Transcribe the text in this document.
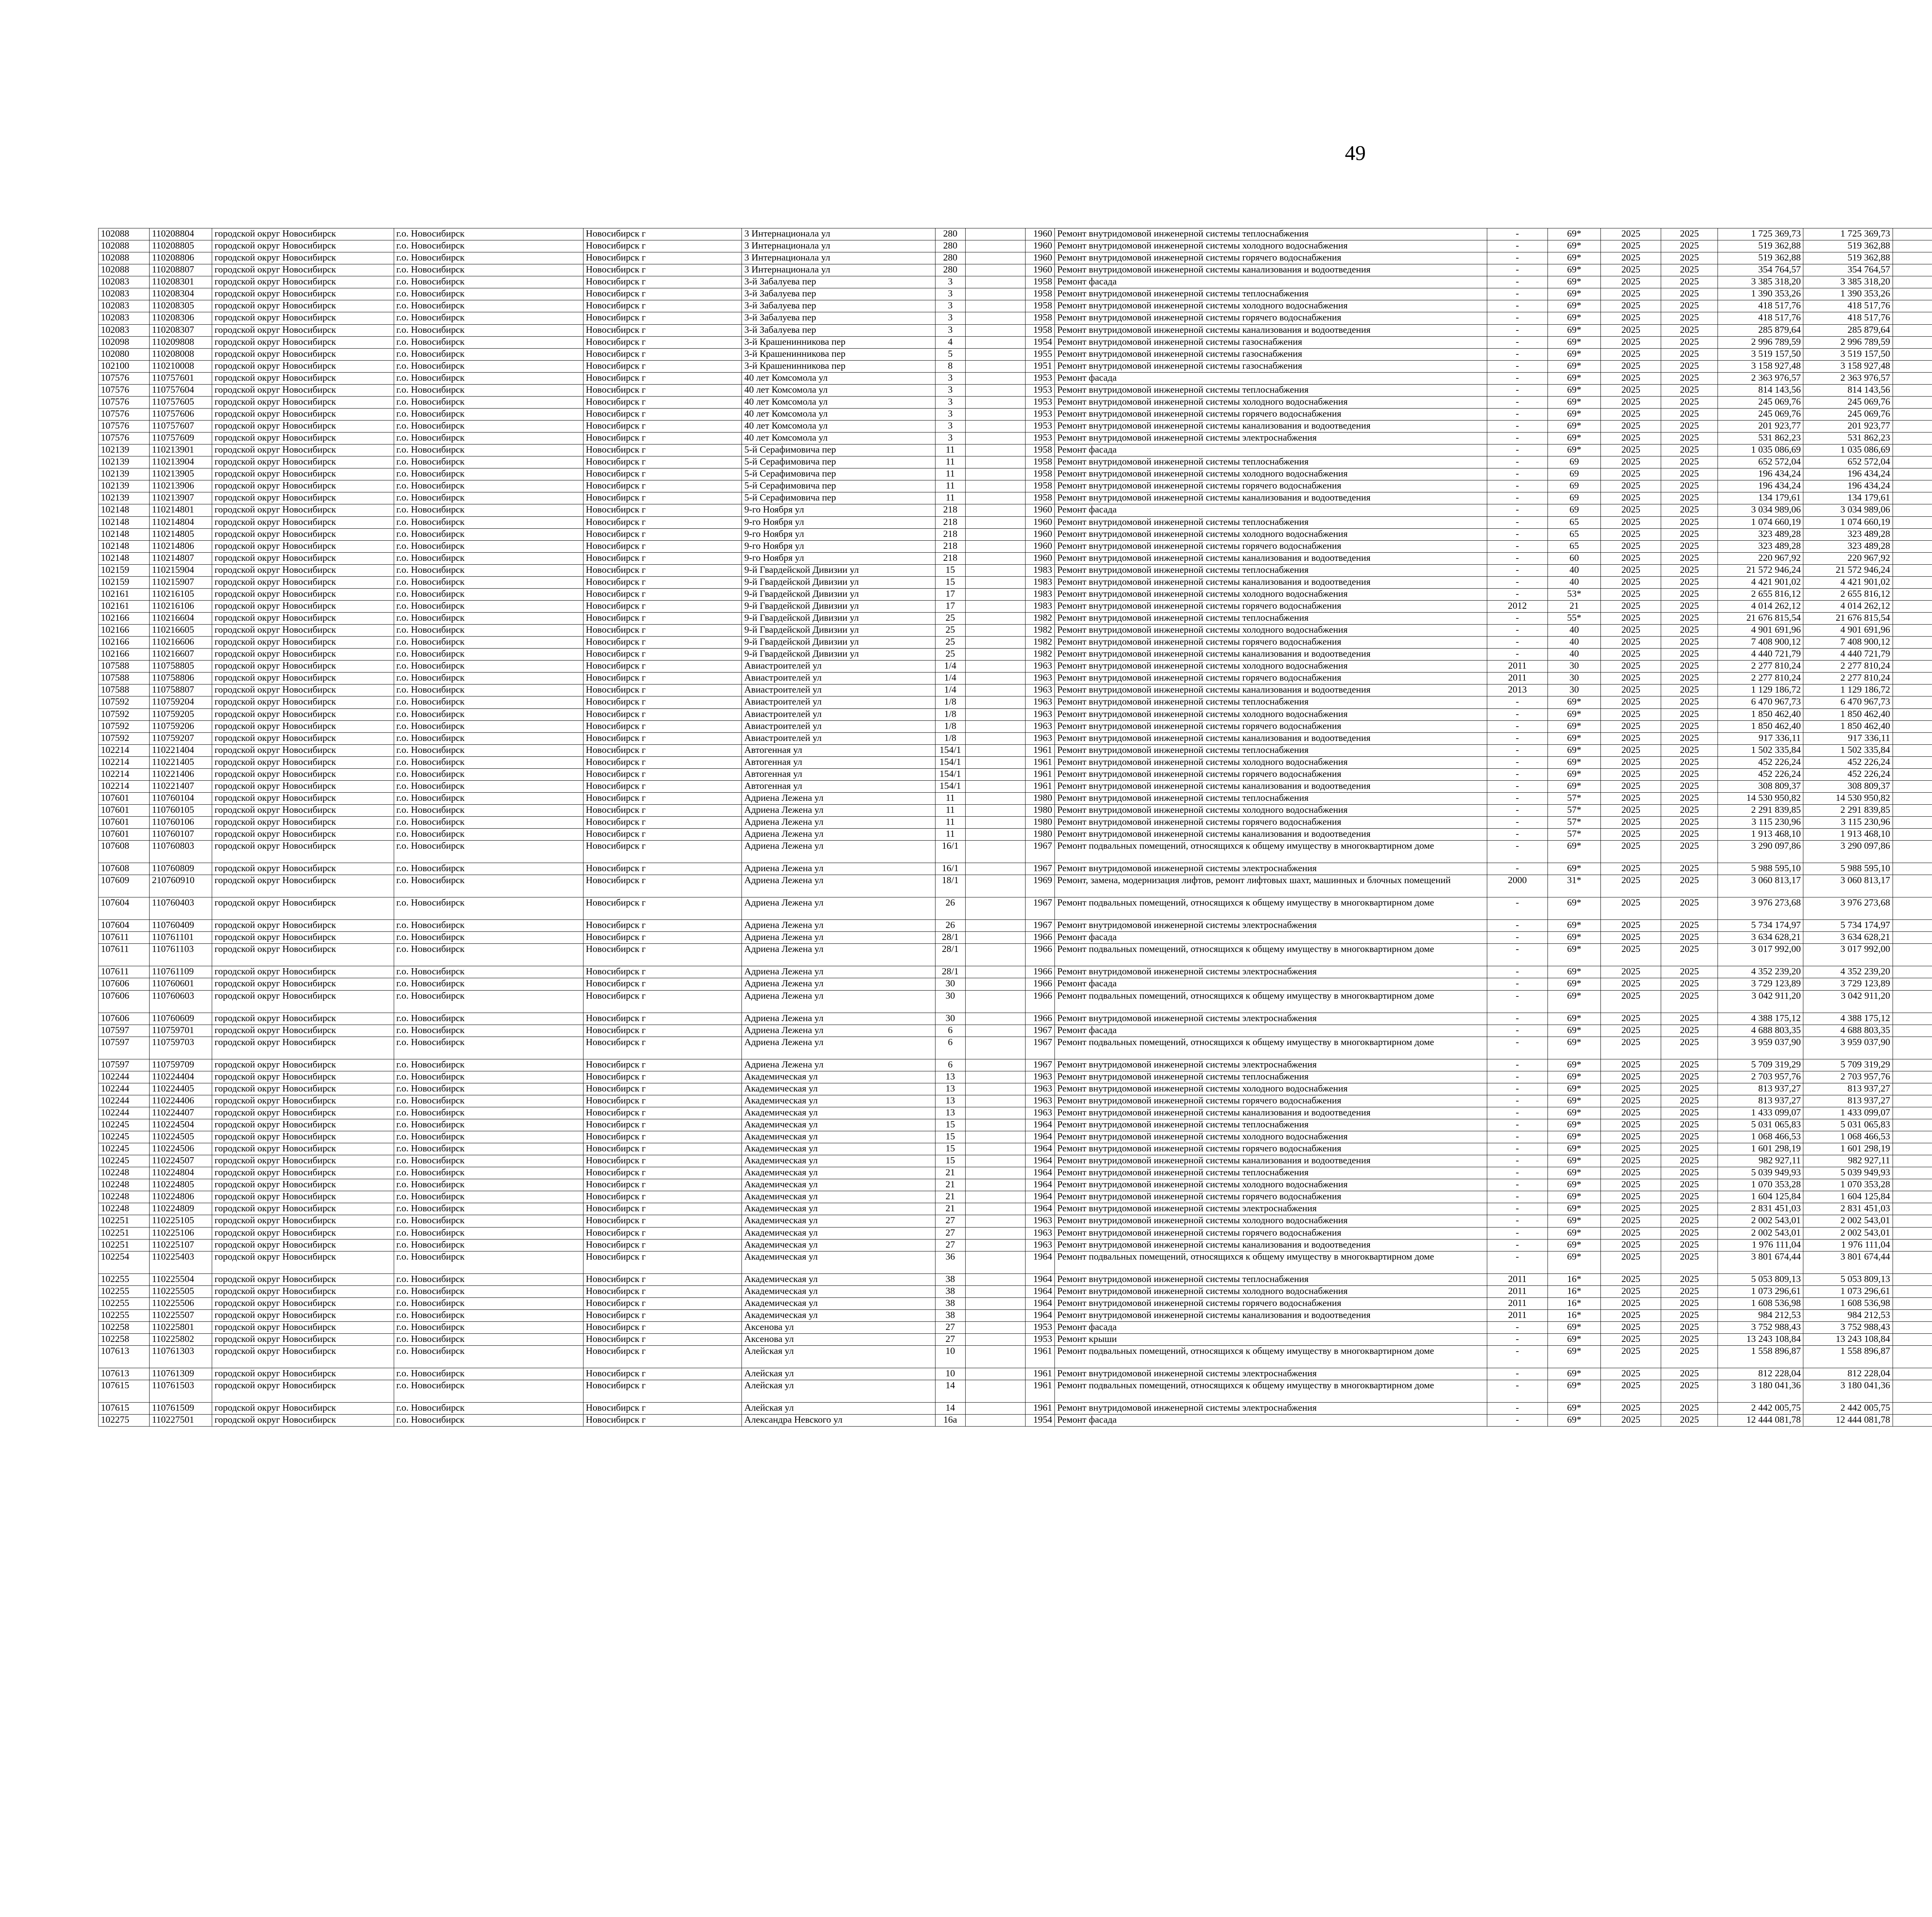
49
102088	110208804	городской округ Новосибирск	г.о. Новосибирск	Новосибирск г	3 Интернационала ул	280		1960	Ремонт внутридомовой инженерной системы теплоснабжения	-	69*	2025	2025	1 725 369,73	1 725 369,73					
102088	110208805	городской округ Новосибирск	г.о. Новосибирск	Новосибирск г	3 Интернационала ул	280		1960	Ремонт внутридомовой инженерной системы холодного водоснабжения	-	69*	2025	2025	519 362,88	519 362,88					
102088	110208806	городской округ Новосибирск	г.о. Новосибирск	Новосибирск г	3 Интернационала ул	280		1960	Ремонт внутридомовой инженерной системы горячего водоснабжения	-	69*	2025	2025	519 362,88	519 362,88					
102088	110208807	городской округ Новосибирск	г.о. Новосибирск	Новосибирск г	3 Интернационала ул	280		1960	Ремонт внутридомовой инженерной системы канализования и водоотведения	-	69*	2025	2025	354 764,57	354 764,57					
102083	110208301	городской округ Новосибирск	г.о. Новосибирск	Новосибирск г	3-й Забалуева пер	3		1958	Ремонт фасада	-	69*	2025	2025	3 385 318,20	3 385 318,20					
102083	110208304	городской округ Новосибирск	г.о. Новосибирск	Новосибирск г	3-й Забалуева пер	3		1958	Ремонт внутридомовой инженерной системы теплоснабжения	-	69*	2025	2025	1 390 353,26	1 390 353,26					
102083	110208305	городской округ Новосибирск	г.о. Новосибирск	Новосибирск г	3-й Забалуева пер	3		1958	Ремонт внутридомовой инженерной системы холодного водоснабжения	-	69*	2025	2025	418 517,76	418 517,76					
102083	110208306	городской округ Новосибирск	г.о. Новосибирск	Новосибирск г	3-й Забалуева пер	3		1958	Ремонт внутридомовой инженерной системы горячего водоснабжения	-	69*	2025	2025	418 517,76	418 517,76					
102083	110208307	городской округ Новосибирск	г.о. Новосибирск	Новосибирск г	3-й Забалуева пер	3		1958	Ремонт внутридомовой инженерной системы канализования и водоотведения	-	69*	2025	2025	285 879,64	285 879,64					
102098	110209808	городской округ Новосибирск	г.о. Новосибирск	Новосибирск г	3-й Крашенинникова пер	4		1954	Ремонт внутридомовой инженерной системы газоснабжения	-	69*	2025	2025	2 996 789,59	2 996 789,59					
102080	110208008	городской округ Новосибирск	г.о. Новосибирск	Новосибирск г	3-й Крашенинникова пер	5		1955	Ремонт внутридомовой инженерной системы газоснабжения	-	69*	2025	2025	3 519 157,50	3 519 157,50					
102100	110210008	городской округ Новосибирск	г.о. Новосибирск	Новосибирск г	3-й Крашенинникова пер	8		1951	Ремонт внутридомовой инженерной системы газоснабжения	-	69*	2025	2025	3 158 927,48	3 158 927,48					
107576	110757601	городской округ Новосибирск	г.о. Новосибирск	Новосибирск г	40 лет Комсомола ул	3		1953	Ремонт фасада	-	69*	2025	2025	2 363 976,57	2 363 976,57					
107576	110757604	городской округ Новосибирск	г.о. Новосибирск	Новосибирск г	40 лет Комсомола ул	3		1953	Ремонт внутридомовой инженерной системы теплоснабжения	-	69*	2025	2025	814 143,56	814 143,56					
107576	110757605	городской округ Новосибирск	г.о. Новосибирск	Новосибирск г	40 лет Комсомола ул	3		1953	Ремонт внутридомовой инженерной системы холодного водоснабжения	-	69*	2025	2025	245 069,76	245 069,76					
107576	110757606	городской округ Новосибирск	г.о. Новосибирск	Новосибирск г	40 лет Комсомола ул	3		1953	Ремонт внутридомовой инженерной системы горячего водоснабжения	-	69*	2025	2025	245 069,76	245 069,76					
107576	110757607	городской округ Новосибирск	г.о. Новосибирск	Новосибирск г	40 лет Комсомола ул	3		1953	Ремонт внутридомовой инженерной системы канализования и водоотведения	-	69*	2025	2025	201 923,77	201 923,77					
107576	110757609	городской округ Новосибирск	г.о. Новосибирск	Новосибирск г	40 лет Комсомола ул	3		1953	Ремонт внутридомовой инженерной системы электроснабжения	-	69*	2025	2025	531 862,23	531 862,23					
102139	110213901	городской округ Новосибирск	г.о. Новосибирск	Новосибирск г	5-й Серафимовича пер	11		1958	Ремонт фасада	-	69*	2025	2025	1 035 086,69	1 035 086,69					
102139	110213904	городской округ Новосибирск	г.о. Новосибирск	Новосибирск г	5-й Серафимовича пер	11		1958	Ремонт внутридомовой инженерной системы теплоснабжения	-	69	2025	2025	652 572,04	652 572,04					
102139	110213905	городской округ Новосибирск	г.о. Новосибирск	Новосибирск г	5-й Серафимовича пер	11		1958	Ремонт внутридомовой инженерной системы холодного водоснабжения	-	69	2025	2025	196 434,24	196 434,24					
102139	110213906	городской округ Новосибирск	г.о. Новосибирск	Новосибирск г	5-й Серафимовича пер	11		1958	Ремонт внутридомовой инженерной системы горячего водоснабжения	-	69	2025	2025	196 434,24	196 434,24					
102139	110213907	городской округ Новосибирск	г.о. Новосибирск	Новосибирск г	5-й Серафимовича пер	11		1958	Ремонт внутридомовой инженерной системы канализования и водоотведения	-	69	2025	2025	134 179,61	134 179,61					
102148	110214801	городской округ Новосибирск	г.о. Новосибирск	Новосибирск г	9-го Ноября ул	218		1960	Ремонт фасада	-	69	2025	2025	3 034 989,06	3 034 989,06					
102148	110214804	городской округ Новосибирск	г.о. Новосибирск	Новосибирск г	9-го Ноября ул	218		1960	Ремонт внутридомовой инженерной системы теплоснабжения	-	65	2025	2025	1 074 660,19	1 074 660,19					
102148	110214805	городской округ Новосибирск	г.о. Новосибирск	Новосибирск г	9-го Ноября ул	218		1960	Ремонт внутридомовой инженерной системы холодного водоснабжения	-	65	2025	2025	323 489,28	323 489,28					
102148	110214806	городской округ Новосибирск	г.о. Новосибирск	Новосибирск г	9-го Ноября ул	218		1960	Ремонт внутридомовой инженерной системы горячего водоснабжения	-	65	2025	2025	323 489,28	323 489,28					
102148	110214807	городской округ Новосибирск	г.о. Новосибирск	Новосибирск г	9-го Ноября ул	218		1960	Ремонт внутридомовой инженерной системы канализования и водоотведения	-	60	2025	2025	220 967,92	220 967,92					
102159	110215904	городской округ Новосибирск	г.о. Новосибирск	Новосибирск г	9-й Гвардейской Дивизии ул	15		1983	Ремонт внутридомовой инженерной системы теплоснабжения	-	40	2025	2025	21 572 946,24	21 572 946,24					
102159	110215907	городской округ Новосибирск	г.о. Новосибирск	Новосибирск г	9-й Гвардейской Дивизии ул	15		1983	Ремонт внутридомовой инженерной системы канализования и водоотведения	-	40	2025	2025	4 421 901,02	4 421 901,02					
102161	110216105	городской округ Новосибирск	г.о. Новосибирск	Новосибирск г	9-й Гвардейской Дивизии ул	17		1983	Ремонт внутридомовой инженерной системы холодного водоснабжения	-	53*	2025	2025	2 655 816,12	2 655 816,12					
102161	110216106	городской округ Новосибирск	г.о. Новосибирск	Новосибирск г	9-й Гвардейской Дивизии ул	17		1983	Ремонт внутридомовой инженерной системы горячего водоснабжения	2012	21	2025	2025	4 014 262,12	4 014 262,12					
102166	110216604	городской округ Новосибирск	г.о. Новосибирск	Новосибирск г	9-й Гвардейской Дивизии ул	25		1982	Ремонт внутридомовой инженерной системы теплоснабжения	-	55*	2025	2025	21 676 815,54	21 676 815,54					
102166	110216605	городской округ Новосибирск	г.о. Новосибирск	Новосибирск г	9-й Гвардейской Дивизии ул	25		1982	Ремонт внутридомовой инженерной системы холодного водоснабжения	-	40	2025	2025	4 901 691,96	4 901 691,96					
102166	110216606	городской округ Новосибирск	г.о. Новосибирск	Новосибирск г	9-й Гвардейской Дивизии ул	25		1982	Ремонт внутридомовой инженерной системы горячего водоснабжения	-	40	2025	2025	7 408 900,12	7 408 900,12					
102166	110216607	городской округ Новосибирск	г.о. Новосибирск	Новосибирск г	9-й Гвардейской Дивизии ул	25		1982	Ремонт внутридомовой инженерной системы канализования и водоотведения	-	40	2025	2025	4 440 721,79	4 440 721,79					
107588	110758805	городской округ Новосибирск	г.о. Новосибирск	Новосибирск г	Авиастроителей ул	1/4		1963	Ремонт внутридомовой инженерной системы холодного водоснабжения	2011	30	2025	2025	2 277 810,24	2 277 810,24					
107588	110758806	городской округ Новосибирск	г.о. Новосибирск	Новосибирск г	Авиастроителей ул	1/4		1963	Ремонт внутридомовой инженерной системы горячего водоснабжения	2011	30	2025	2025	2 277 810,24	2 277 810,24					
107588	110758807	городской округ Новосибирск	г.о. Новосибирск	Новосибирск г	Авиастроителей ул	1/4		1963	Ремонт внутридомовой инженерной системы канализования и водоотведения	2013	30	2025	2025	1 129 186,72	1 129 186,72					
107592	110759204	городской округ Новосибирск	г.о. Новосибирск	Новосибирск г	Авиастроителей ул	1/8		1963	Ремонт внутридомовой инженерной системы теплоснабжения	-	69*	2025	2025	6 470 967,73	6 470 967,73					
107592	110759205	городской округ Новосибирск	г.о. Новосибирск	Новосибирск г	Авиастроителей ул	1/8		1963	Ремонт внутридомовой инженерной системы холодного водоснабжения	-	69*	2025	2025	1 850 462,40	1 850 462,40					
107592	110759206	городской округ Новосибирск	г.о. Новосибирск	Новосибирск г	Авиастроителей ул	1/8		1963	Ремонт внутридомовой инженерной системы горячего водоснабжения	-	69*	2025	2025	1 850 462,40	1 850 462,40					
107592	110759207	городской округ Новосибирск	г.о. Новосибирск	Новосибирск г	Авиастроителей ул	1/8		1963	Ремонт внутридомовой инженерной системы канализования и водоотведения	-	69*	2025	2025	917 336,11	917 336,11					
102214	110221404	городской округ Новосибирск	г.о. Новосибирск	Новосибирск г	Автогенная ул	154/1		1961	Ремонт внутридомовой инженерной системы теплоснабжения	-	69*	2025	2025	1 502 335,84	1 502 335,84					
102214	110221405	городской округ Новосибирск	г.о. Новосибирск	Новосибирск г	Автогенная ул	154/1		1961	Ремонт внутридомовой инженерной системы холодного водоснабжения	-	69*	2025	2025	452 226,24	452 226,24					
102214	110221406	городской округ Новосибирск	г.о. Новосибирск	Новосибирск г	Автогенная ул	154/1		1961	Ремонт внутридомовой инженерной системы горячего водоснабжения	-	69*	2025	2025	452 226,24	452 226,24					
102214	110221407	городской округ Новосибирск	г.о. Новосибирск	Новосибирск г	Автогенная ул	154/1		1961	Ремонт внутридомовой инженерной системы канализования и водоотведения	-	69*	2025	2025	308 809,37	308 809,37					
107601	110760104	городской округ Новосибирск	г.о. Новосибирск	Новосибирск г	Адриена Лежена ул	11		1980	Ремонт внутридомовой инженерной системы теплоснабжения	-	57*	2025	2025	14 530 950,82	14 530 950,82					
107601	110760105	городской округ Новосибирск	г.о. Новосибирск	Новосибирск г	Адриена Лежена ул	11		1980	Ремонт внутридомовой инженерной системы холодного водоснабжения	-	57*	2025	2025	2 291 839,85	2 291 839,85					
107601	110760106	городской округ Новосибирск	г.о. Новосибирск	Новосибирск г	Адриена Лежена ул	11		1980	Ремонт внутридомовой инженерной системы горячего водоснабжения	-	57*	2025	2025	3 115 230,96	3 115 230,96					
107601	110760107	городской округ Новосибирск	г.о. Новосибирск	Новосибирск г	Адриена Лежена ул	11		1980	Ремонт внутридомовой инженерной системы канализования и водоотведения	-	57*	2025	2025	1 913 468,10	1 913 468,10					
107608	110760803	городской округ Новосибирск	г.о. Новосибирск	Новосибирск г	Адриена Лежена ул	16/1		1967	Ремонт подвальных помещений, относящихся к общему имуществу в многоквартирном доме	-	69*	2025	2025	3 290 097,86	3 290 097,86					
107608	110760809	городской округ Новосибирск	г.о. Новосибирск	Новосибирск г	Адриена Лежена ул	16/1		1967	Ремонт внутридомовой инженерной системы электроснабжения	-	69*	2025	2025	5 988 595,10	5 988 595,10					
107609	210760910	городской округ Новосибирск	г.о. Новосибирск	Новосибирск г	Адриена Лежена ул	18/1		1969	Ремонт, замена, модернизация лифтов, ремонт лифтовых шахт, машинных и блочных помещений	2000	31*	2025	2025	3 060 813,17	3 060 813,17					
107604	110760403	городской округ Новосибирск	г.о. Новосибирск	Новосибирск г	Адриена Лежена ул	26		1967	Ремонт подвальных помещений, относящихся к общему имуществу в многоквартирном доме	-	69*	2025	2025	3 976 273,68	3 976 273,68					
107604	110760409	городской округ Новосибирск	г.о. Новосибирск	Новосибирск г	Адриена Лежена ул	26		1967	Ремонт внутридомовой инженерной системы электроснабжения	-	69*	2025	2025	5 734 174,97	5 734 174,97					
107611	110761101	городской округ Новосибирск	г.о. Новосибирск	Новосибирск г	Адриена Лежена ул	28/1		1966	Ремонт фасада	-	69*	2025	2025	3 634 628,21	3 634 628,21					
107611	110761103	городской округ Новосибирск	г.о. Новосибирск	Новосибирск г	Адриена Лежена ул	28/1		1966	Ремонт подвальных помещений, относящихся к общему имуществу в многоквартирном доме	-	69*	2025	2025	3 017 992,00	3 017 992,00					
107611	110761109	городской округ Новосибирск	г.о. Новосибирск	Новосибирск г	Адриена Лежена ул	28/1		1966	Ремонт внутридомовой инженерной системы электроснабжения	-	69*	2025	2025	4 352 239,20	4 352 239,20					
107606	110760601	городской округ Новосибирск	г.о. Новосибирск	Новосибирск г	Адриена Лежена ул	30		1966	Ремонт фасада	-	69*	2025	2025	3 729 123,89	3 729 123,89					
107606	110760603	городской округ Новосибирск	г.о. Новосибирск	Новосибирск г	Адриена Лежена ул	30		1966	Ремонт подвальных помещений, относящихся к общему имуществу в многоквартирном доме	-	69*	2025	2025	3 042 911,20	3 042 911,20					
107606	110760609	городской округ Новосибирск	г.о. Новосибирск	Новосибирск г	Адриена Лежена ул	30		1966	Ремонт внутридомовой инженерной системы электроснабжения	-	69*	2025	2025	4 388 175,12	4 388 175,12					
107597	110759701	городской округ Новосибирск	г.о. Новосибирск	Новосибирск г	Адриена Лежена ул	6		1967	Ремонт фасада	-	69*	2025	2025	4 688 803,35	4 688 803,35					
107597	110759703	городской округ Новосибирск	г.о. Новосибирск	Новосибирск г	Адриена Лежена ул	6		1967	Ремонт подвальных помещений, относящихся к общему имуществу в многоквартирном доме	-	69*	2025	2025	3 959 037,90	3 959 037,90					
107597	110759709	городской округ Новосибирск	г.о. Новосибирск	Новосибирск г	Адриена Лежена ул	6		1967	Ремонт внутридомовой инженерной системы электроснабжения	-	69*	2025	2025	5 709 319,29	5 709 319,29					
102244	110224404	городской округ Новосибирск	г.о. Новосибирск	Новосибирск г	Академическая ул	13		1963	Ремонт внутридомовой инженерной системы теплоснабжения	-	69*	2025	2025	2 703 957,76	2 703 957,76					
102244	110224405	городской округ Новосибирск	г.о. Новосибирск	Новосибирск г	Академическая ул	13		1963	Ремонт внутридомовой инженерной системы холодного водоснабжения	-	69*	2025	2025	813 937,27	813 937,27					
102244	110224406	городской округ Новосибирск	г.о. Новосибирск	Новосибирск г	Академическая ул	13		1963	Ремонт внутридомовой инженерной системы горячего водоснабжения	-	69*	2025	2025	813 937,27	813 937,27					
102244	110224407	городской округ Новосибирск	г.о. Новосибирск	Новосибирск г	Академическая ул	13		1963	Ремонт внутридомовой инженерной системы канализования и водоотведения	-	69*	2025	2025	1 433 099,07	1 433 099,07					
102245	110224504	городской округ Новосибирск	г.о. Новосибирск	Новосибирск г	Академическая ул	15		1964	Ремонт внутридомовой инженерной системы теплоснабжения	-	69*	2025	2025	5 031 065,83	5 031 065,83					
102245	110224505	городской округ Новосибирск	г.о. Новосибирск	Новосибирск г	Академическая ул	15		1964	Ремонт внутридомовой инженерной системы холодного водоснабжения	-	69*	2025	2025	1 068 466,53	1 068 466,53					
102245	110224506	городской округ Новосибирск	г.о. Новосибирск	Новосибирск г	Академическая ул	15		1964	Ремонт внутридомовой инженерной системы горячего водоснабжения	-	69*	2025	2025	1 601 298,19	1 601 298,19					
102245	110224507	городской округ Новосибирск	г.о. Новосибирск	Новосибирск г	Академическая ул	15		1964	Ремонт внутридомовой инженерной системы канализования и водоотведения	-	69*	2025	2025	982 927,11	982 927,11					
102248	110224804	городской округ Новосибирск	г.о. Новосибирск	Новосибирск г	Академическая ул	21		1964	Ремонт внутридомовой инженерной системы теплоснабжения	-	69*	2025	2025	5 039 949,93	5 039 949,93					
102248	110224805	городской округ Новосибирск	г.о. Новосибирск	Новосибирск г	Академическая ул	21		1964	Ремонт внутридомовой инженерной системы холодного водоснабжения	-	69*	2025	2025	1 070 353,28	1 070 353,28					
102248	110224806	городской округ Новосибирск	г.о. Новосибирск	Новосибирск г	Академическая ул	21		1964	Ремонт внутридомовой инженерной системы горячего водоснабжения	-	69*	2025	2025	1 604 125,84	1 604 125,84					
102248	110224809	городской округ Новосибирск	г.о. Новосибирск	Новосибирск г	Академическая ул	21		1964	Ремонт внутридомовой инженерной системы электроснабжения	-	69*	2025	2025	2 831 451,03	2 831 451,03					
102251	110225105	городской округ Новосибирск	г.о. Новосибирск	Новосибирск г	Академическая ул	27		1963	Ремонт внутридомовой инженерной системы холодного водоснабжения	-	69*	2025	2025	2 002 543,01	2 002 543,01					
102251	110225106	городской округ Новосибирск	г.о. Новосибирск	Новосибирск г	Академическая ул	27		1963	Ремонт внутридомовой инженерной системы горячего водоснабжения	-	69*	2025	2025	2 002 543,01	2 002 543,01					
102251	110225107	городской округ Новосибирск	г.о. Новосибирск	Новосибирск г	Академическая ул	27		1963	Ремонт внутридомовой инженерной системы канализования и водоотведения	-	69*	2025	2025	1 976 111,04	1 976 111,04					
102254	110225403	городской округ Новосибирск	г.о. Новосибирск	Новосибирск г	Академическая ул	36		1964	Ремонт подвальных помещений, относящихся к общему имуществу в многоквартирном доме	-	69*	2025	2025	3 801 674,44	3 801 674,44					
102255	110225504	городской округ Новосибирск	г.о. Новосибирск	Новосибирск г	Академическая ул	38		1964	Ремонт внутридомовой инженерной системы теплоснабжения	2011	16*	2025	2025	5 053 809,13	5 053 809,13					
102255	110225505	городской округ Новосибирск	г.о. Новосибирск	Новосибирск г	Академическая ул	38		1964	Ремонт внутридомовой инженерной системы холодного водоснабжения	2011	16*	2025	2025	1 073 296,61	1 073 296,61					
102255	110225506	городской округ Новосибирск	г.о. Новосибирск	Новосибирск г	Академическая ул	38		1964	Ремонт внутридомовой инженерной системы горячего водоснабжения	2011	16*	2025	2025	1 608 536,98	1 608 536,98					
102255	110225507	городской округ Новосибирск	г.о. Новосибирск	Новосибирск г	Академическая ул	38		1964	Ремонт внутридомовой инженерной системы канализования и водоотведения	2011	16*	2025	2025	984 212,53	984 212,53					
102258	110225801	городской округ Новосибирск	г.о. Новосибирск	Новосибирск г	Аксенова ул	27		1953	Ремонт фасада	-	69*	2025	2025	3 752 988,43	3 752 988,43					
102258	110225802	городской округ Новосибирск	г.о. Новосибирск	Новосибирск г	Аксенова ул	27		1953	Ремонт крыши	-	69*	2025	2025	13 243 108,84	13 243 108,84					
107613	110761303	городской округ Новосибирск	г.о. Новосибирск	Новосибирск г	Алейская ул	10		1961	Ремонт подвальных помещений, относящихся к общему имуществу в многоквартирном доме	-	69*	2025	2025	1 558 896,87	1 558 896,87					
107613	110761309	городской округ Новосибирск	г.о. Новосибирск	Новосибирск г	Алейская ул	10		1961	Ремонт внутридомовой инженерной системы электроснабжения	-	69*	2025	2025	812 228,04	812 228,04					
107615	110761503	городской округ Новосибирск	г.о. Новосибирск	Новосибирск г	Алейская ул	14		1961	Ремонт подвальных помещений, относящихся к общему имуществу в многоквартирном доме	-	69*	2025	2025	3 180 041,36	3 180 041,36					
107615	110761509	городской округ Новосибирск	г.о. Новосибирск	Новосибирск г	Алейская ул	14		1961	Ремонт внутридомовой инженерной системы электроснабжения	-	69*	2025	2025	2 442 005,75	2 442 005,75					
102275	110227501	городской округ Новосибирск	г.о. Новосибирск	Новосибирск г	Александра Невского ул	16а		1954	Ремонт фасада	-	69*	2025	2025	12 444 081,78	12 444 081,78					
